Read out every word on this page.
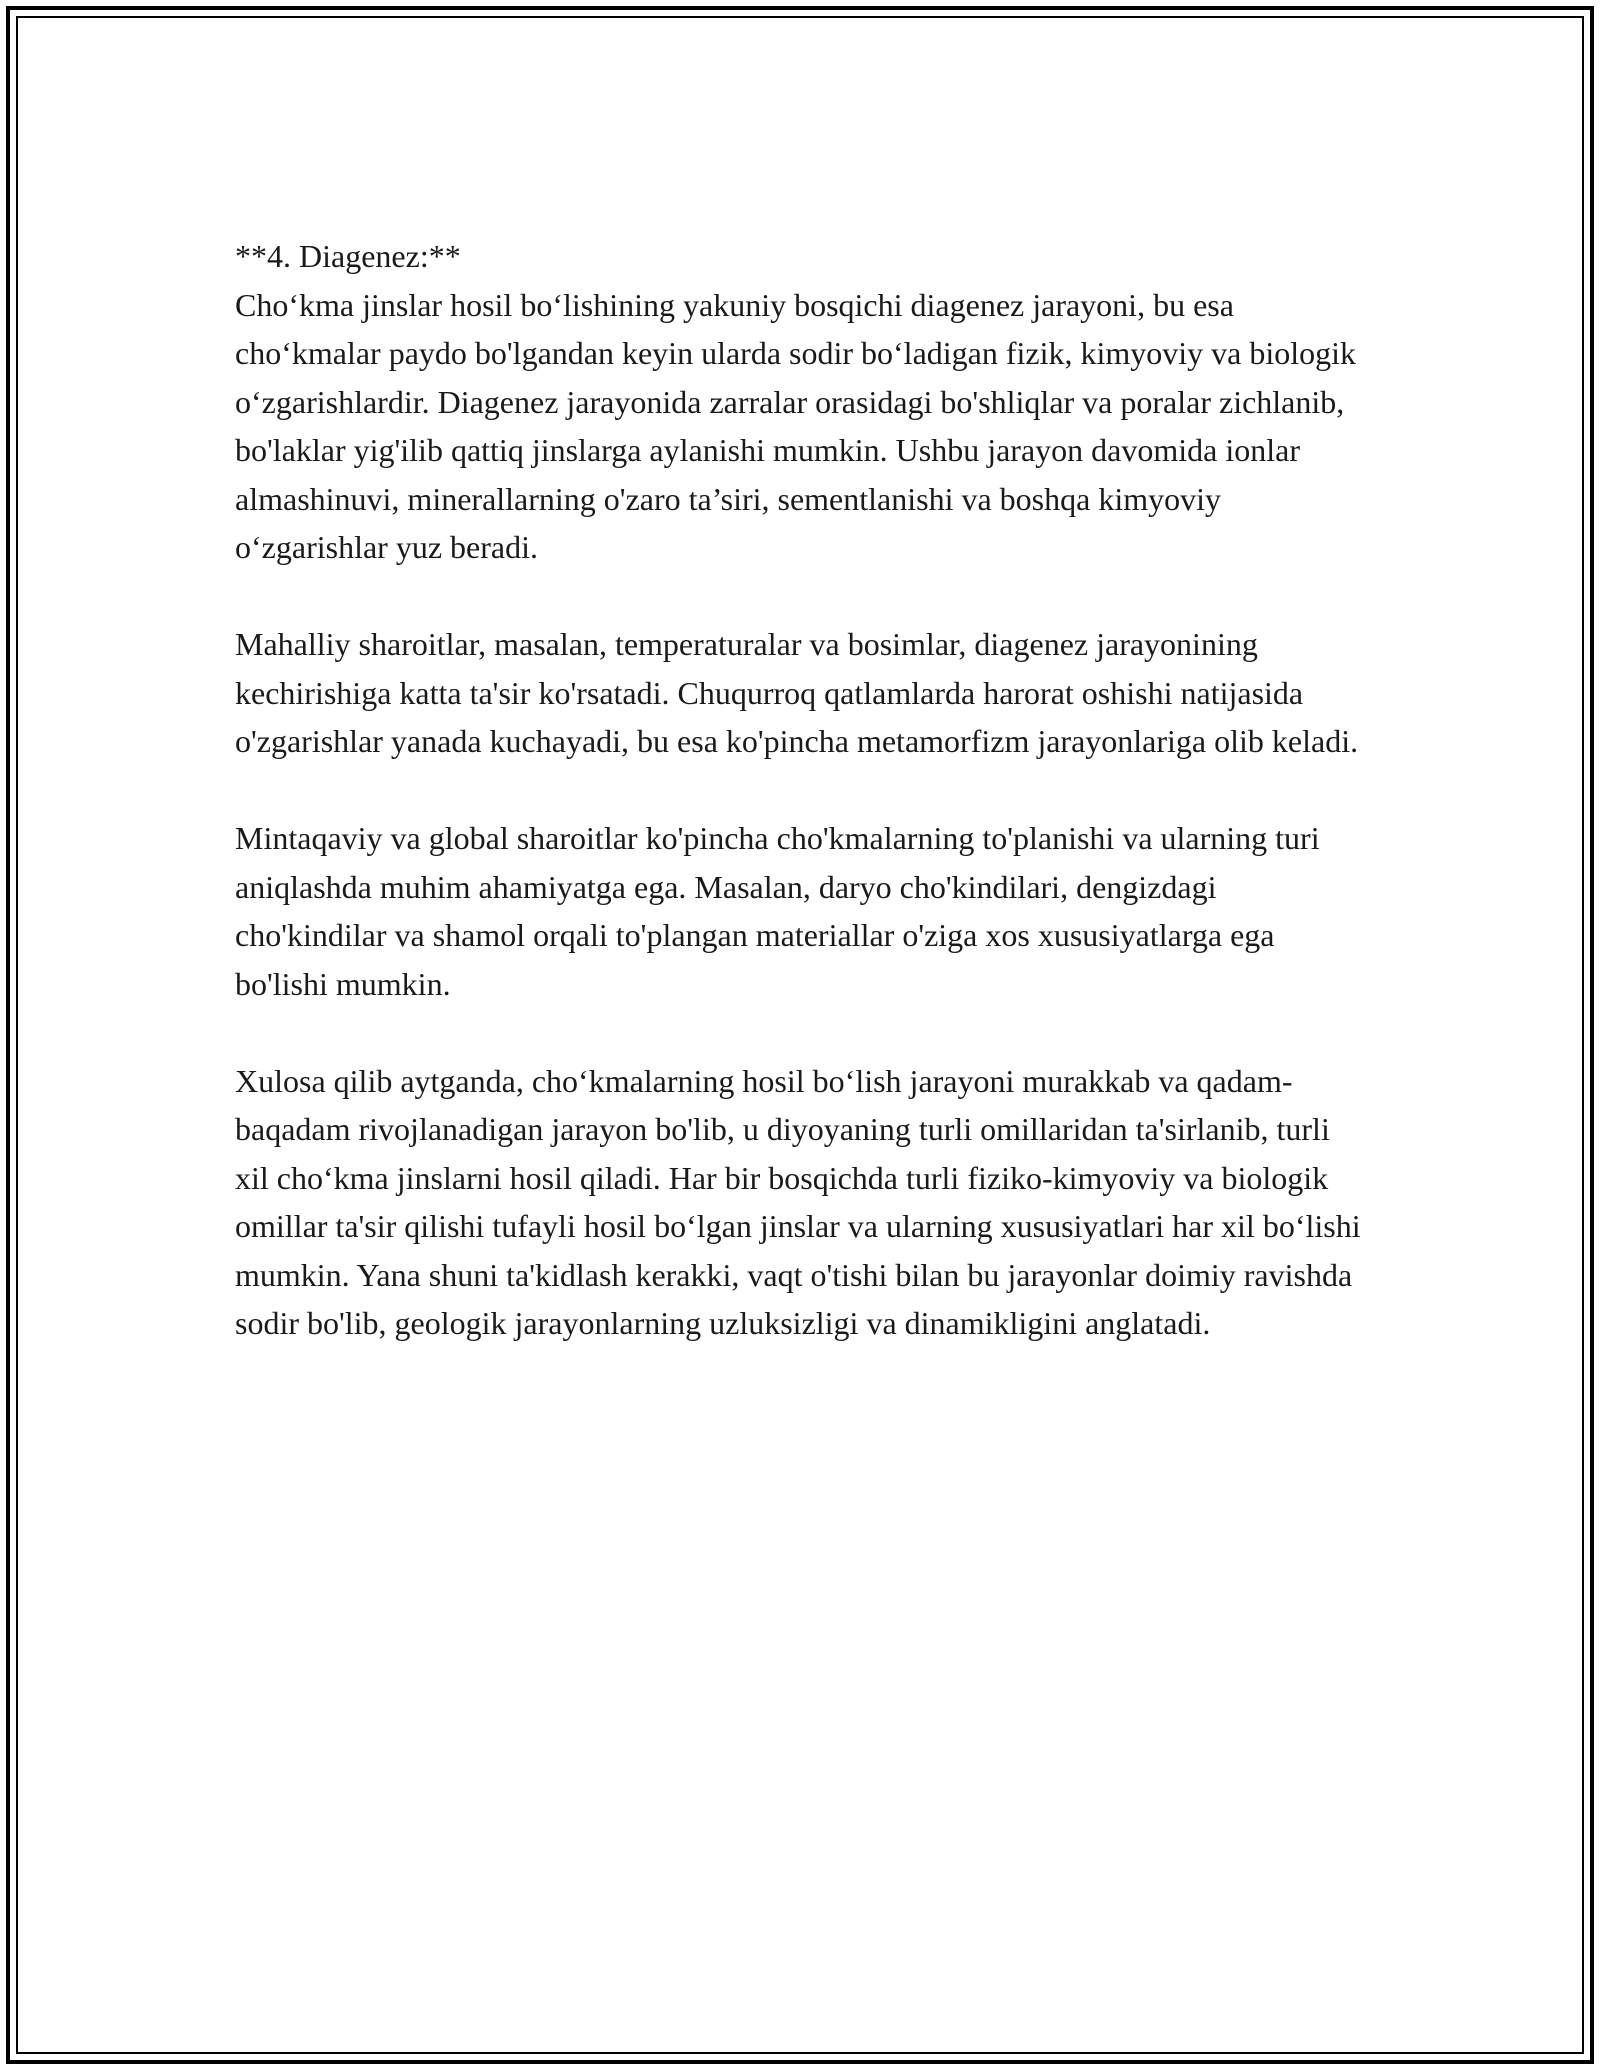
**4. Diagenez:**

Cho‘kma jinslar hosil bo‘lishining yakuniy bosqichi diagenez jarayoni, bu esa cho‘kmalar paydo bo'lgandan keyin ularda sodir bo‘ladigan fizik, kimyoviy va biologik o‘zgarishlardir. Diagenez jarayonida zarralar orasidagi bo'shliqlar va poralar zichlanib, bo'laklar yig'ilib qattiq jinslarga aylanishi mumkin. Ushbu jarayon davomida ionlar almashinuvi, minerallarning o'zaro ta’siri, sementlanishi va boshqa kimyoviy o‘zgarishlar yuz beradi.

Mahalliy sharoitlar, masalan, temperaturalar va bosimlar, diagenez jarayonining kechirishiga katta ta'sir ko'rsatadi. Chuqurroq qatlamlarda harorat oshishi natijasida o'zgarishlar yanada kuchayadi, bu esa ko'pincha metamorfizm jarayonlariga olib keladi.

Mintaqaviy va global sharoitlar ko'pincha cho'kmalarning to'planishi va ularning turi aniqlashda muhim ahamiyatga ega. Masalan, daryo cho'kindilari, dengizdagi cho'kindilar va shamol orqali to'plangan materiallar o'ziga xos xususiyatlarga ega bo'lishi mumkin.

Xulosa qilib aytganda, cho‘kmalarning hosil bo‘lish jarayoni murakkab va qadam-baqadam rivojlanadigan jarayon bo'lib, u diyoyaning turli omillaridan ta'sirlanib, turli xil cho‘kma jinslarni hosil qiladi. Har bir bosqichda turli fiziko-kimyoviy va biologik omillar ta'sir qilishi tufayli hosil bo‘lgan jinslar va ularning xususiyatlari har xil bo‘lishi mumkin. Yana shuni ta'kidlash kerakki, vaqt o'tishi bilan bu jarayonlar doimiy ravishda sodir bo'lib, geologik jarayonlarning uzluksizligi va dinamikligini anglatadi.
